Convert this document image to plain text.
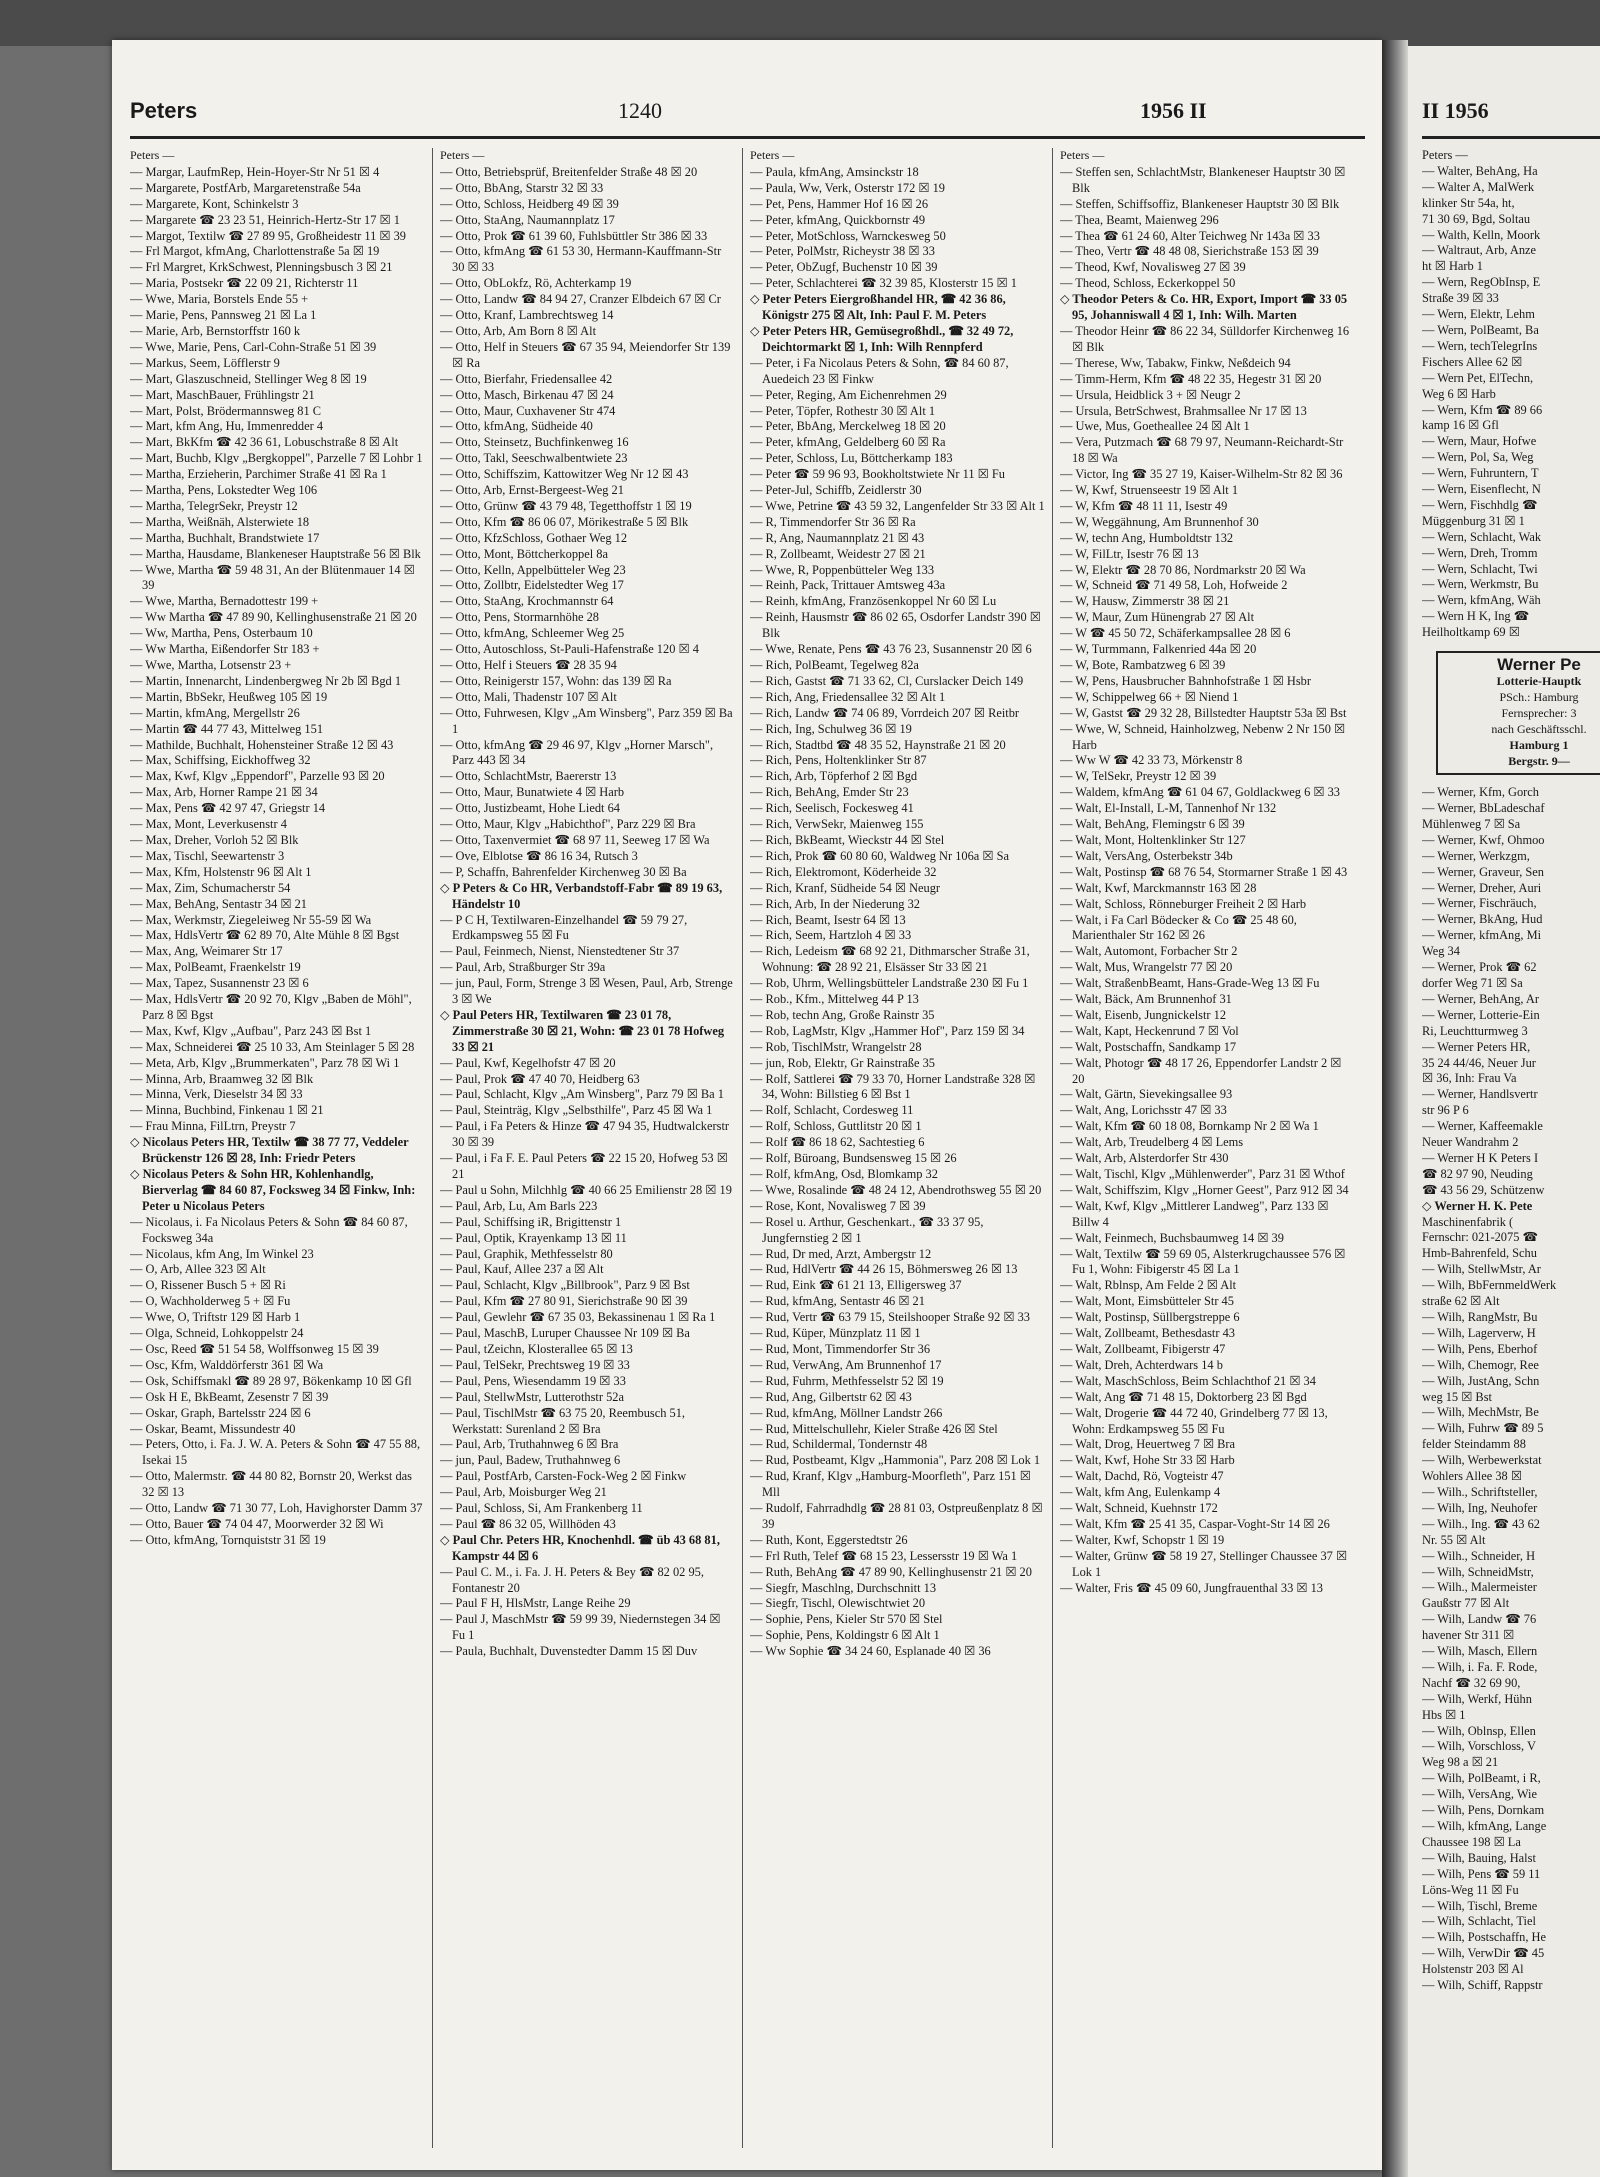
Peters	1240	1956 II
Peters —

— Margar, LaufmRep, Hein-Hoyer-Str Nr 51 ☒ 4

— Margarete, PostfArb, Margaretenstraße 54a

— Margarete, Kont, Schinkelstr 3

— Margarete ☎ 23 23 51, Heinrich-Hertz-Str 17 ☒ 1

— Margot, Textilw ☎ 27 89 95, Großheidestr 11 ☒ 39

— Frl Margot, kfmAng, Charlottenstraße 5a ☒ 19

— Frl Margret, KrkSchwest, Plenningsbusch 3 ☒ 21

— Maria, Postsekr ☎ 22 09 21, Richterstr 11

— Wwe, Maria, Borstels Ende 55 +

— Marie, Pens, Pannsweg 21 ☒ La 1

— Marie, Arb, Bernstorffstr 160 k

— Wwe, Marie, Pens, Carl-Cohn-Straße 51 ☒ 39

— Markus, Seem, Löfflerstr 9

— Mart, Glaszuschneid, Stellinger Weg 8 ☒ 19

— Mart, MaschBauer, Frühlingstr 21

— Mart, Polst, Brödermannsweg 81 C

— Mart, kfm Ang, Hu, Immenredder 4

— Mart, BkKfm ☎ 42 36 61, Lobuschstraße 8 ☒ Alt

— Mart, Buchb, Klgv „Bergkoppel", Parzelle 7 ☒ Lohbr 1

— Martha, Erzieherin, Parchimer Straße 41 ☒ Ra 1

— Martha, Pens, Lokstedter Weg 106

— Martha, TelegrSekr, Preystr 12

— Martha, Weißnäh, Alsterwiete 18

— Martha, Buchhalt, Brandstwiete 17

— Martha, Hausdame, Blankeneser Hauptstraße 56 ☒ Blk

— Wwe, Martha ☎ 59 48 31, An der Blütenmauer 14 ☒ 39

— Wwe, Martha, Bernadottestr 199 +

— Ww Martha ☎ 47 89 90, Kellinghusenstraße 21 ☒ 20

— Ww, Martha, Pens, Osterbaum 10

— Ww Martha, Eißendorfer Str 183 +

— Wwe, Martha, Lotsenstr 23 +

— Martin, Innenarcht, Lindenbergweg Nr 2b ☒ Bgd 1

— Martin, BbSekr, Heußweg 105 ☒ 19

— Martin, kfmAng, Mergellstr 26

— Martin ☎ 44 77 43, Mittelweg 151

— Mathilde, Buchhalt, Hohensteiner Straße 12 ☒ 43

— Max, Schiffsing, Eickhoffweg 32

— Max, Kwf, Klgv „Eppendorf", Parzelle 93 ☒ 20

— Max, Arb, Horner Rampe 21 ☒ 34

— Max, Pens ☎ 42 97 47, Griegstr 14

— Max, Mont, Leverkusenstr 4

— Max, Dreher, Vorloh 52 ☒ Blk

— Max, Tischl, Seewartenstr 3

— Max, Kfm, Holstenstr 96 ☒ Alt 1

— Max, Zim, Schumacherstr 54

— Max, BehAng, Sentastr 34 ☒ 21

— Max, Werkmstr, Ziegeleiweg Nr 55-59 ☒ Wa

— Max, HdlsVertr ☎ 62 89 70, Alte Mühle 8 ☒ Bgst

— Max, Ang, Weimarer Str 17

— Max, PolBeamt, Fraenkelstr 19

— Max, Tapez, Susannenstr 23 ☒ 6

— Max, HdlsVertr ☎ 20 92 70, Klgv „Baben de Möhl", Parz 8 ☒ Bgst

— Max, Kwf, Klgv „Aufbau", Parz 243 ☒ Bst 1

— Max, Schneiderei ☎ 25 10 33, Am Steinlager 5 ☒ 28

— Meta, Arb, Klgv „Brummerkaten", Parz 78 ☒ Wi 1

— Minna, Arb, Braamweg 32 ☒ Blk

— Minna, Verk, Dieselstr 34 ☒ 33

— Minna, Buchbind, Finkenau 1 ☒ 21

— Frau Minna, FilLtrn, Preystr 7

◇ Nicolaus Peters HR, Textilw ☎ 38 77 77, Veddeler Brückenstr 126 ☒ 28, Inh: Friedr Peters

◇ Nicolaus Peters & Sohn HR, Kohlenhandlg, Bierverlag ☎ 84 60 87, Focksweg 34 ☒ Finkw, Inh: Peter u Nicolaus Peters

— Nicolaus, i. Fa Nicolaus Peters & Sohn ☎ 84 60 87, Focksweg 34a

— Nicolaus, kfm Ang, Im Winkel 23

— O, Arb, Allee 323 ☒ Alt

— O, Rissener Busch 5 + ☒ Ri

— O, Wachholderweg 5 + ☒ Fu

— Wwe, O, Triftstr 129 ☒ Harb 1

— Olga, Schneid, Lohkoppelstr 24

— Osc, Reed ☎ 51 54 58, Wolffsonweg 15 ☒ 39

— Osc, Kfm, Walddörferstr 361 ☒ Wa

— Osk, Schiffsmakl ☎ 89 28 97, Bökenkamp 10 ☒ Gfl

— Osk H E, BkBeamt, Zesenstr 7 ☒ 39

— Oskar, Graph, Bartelsstr 224 ☒ 6

— Oskar, Beamt, Missundestr 40

— Peters, Otto, i. Fa. J. W. A. Peters & Sohn ☎ 47 55 88, Isekai 15

— Otto, Malermstr. ☎ 44 80 82, Bornstr 20, Werkst das 32 ☒ 13

— Otto, Landw ☎ 71 30 77, Loh, Havighorster Damm 37

— Otto, Bauer ☎ 74 04 47, Moorwerder 32 ☒ Wi

— Otto, kfmAng, Tornquiststr 31 ☒ 19

Peters —

— Otto, Betriebsprüf, Breitenfelder Straße 48 ☒ 20

— Otto, BbAng, Starstr 32 ☒ 33

— Otto, Schloss, Heidberg 49 ☒ 39

— Otto, StaAng, Naumannplatz 17

— Otto, Prok ☎ 61 39 60, Fuhlsbüttler Str 386 ☒ 33

— Otto, kfmAng ☎ 61 53 30, Hermann-Kauffmann-Str 30 ☒ 33

— Otto, ObLokfz, Rö, Achterkamp 19

— Otto, Landw ☎ 84 94 27, Cranzer Elbdeich 67 ☒ Cr

— Otto, Kranf, Lambrechtsweg 14

— Otto, Arb, Am Born 8 ☒ Alt

— Otto, Helf in Steuers ☎ 67 35 94, Meiendorfer Str 139 ☒ Ra

— Otto, Bierfahr, Friedensallee 42

— Otto, Masch, Birkenau 47 ☒ 24

— Otto, Maur, Cuxhavener Str 474

— Otto, kfmAng, Südheide 40

— Otto, Steinsetz, Buchfinkenweg 16

— Otto, Takl, Seeschwalbentwiete 23

— Otto, Schiffszim, Kattowitzer Weg Nr 12 ☒ 43

— Otto, Arb, Ernst-Bergeest-Weg 21

— Otto, Grünw ☎ 43 79 48, Tegetthoffstr 1 ☒ 19

— Otto, Kfm ☎ 86 06 07, Mörikestraße 5 ☒ Blk

— Otto, KfzSchloss, Gothaer Weg 12

— Otto, Mont, Böttcherkoppel 8a

— Otto, Kelln, Appelbütteler Weg 23

— Otto, Zollbtr, Eidelstedter Weg 17

— Otto, StaAng, Krochmannstr 64

— Otto, Pens, Stormarnhöhe 28

— Otto, kfmAng, Schleemer Weg 25

— Otto, Autoschloss, St-Pauli-Hafenstraße 120 ☒ 4

— Otto, Helf i Steuers ☎ 28 35 94

— Otto, Reinigerstr 157, Wohn: das 139 ☒ Ra

— Otto, Mali, Thadenstr 107 ☒ Alt

— Otto, Fuhrwesen, Klgv „Am Winsberg", Parz 359 ☒ Ba 1

— Otto, kfmAng ☎ 29 46 97, Klgv „Horner Marsch", Parz 443 ☒ 34

— Otto, SchlachtMstr, Baererstr 13

— Otto, Maur, Bunatwiete 4 ☒ Harb

— Otto, Justizbeamt, Hohe Liedt 64

— Otto, Maur, Klgv „Habichthof", Parz 229 ☒ Bra

— Otto, Taxenvermiet ☎ 68 97 11, Seeweg 17 ☒ Wa

— Ove, Elblotse ☎ 86 16 34, Rutsch 3

— P, Schaffn, Bahrenfelder Kirchenweg 30 ☒ Ba

◇ P Peters & Co HR, Verbandstoff-Fabr ☎ 89 19 63, Händelstr 10

— P C H, Textilwaren-Einzelhandel ☎ 59 79 27, Erdkampsweg 55 ☒ Fu

— Paul, Feinmech, Nienst, Nienstedtener Str 37

— Paul, Arb, Straßburger Str 39a

— jun, Paul, Form, Strenge 3 ☒ Wesen, Paul, Arb, Strenge 3 ☒ We

◇ Paul Peters HR, Textilwaren ☎ 23 01 78, Zimmerstraße 30 ☒ 21, Wohn: ☎ 23 01 78 Hofweg 33 ☒ 21

— Paul, Kwf, Kegelhofstr 47 ☒ 20

— Paul, Prok ☎ 47 40 70, Heidberg 63

— Paul, Schlacht, Klgv „Am Winsberg", Parz 79 ☒ Ba 1

— Paul, Steinträg, Klgv „Selbsthilfe", Parz 45 ☒ Wa 1

— Paul, i Fa Peters & Hinze ☎ 47 94 35, Hudtwalckerstr 30 ☒ 39

— Paul, i Fa F. E. Paul Peters ☎ 22 15 20, Hofweg 53 ☒ 21

— Paul u Sohn, Milchhlg ☎ 40 66 25 Emilienstr 28 ☒ 19

— Paul, Arb, Lu, Am Barls 223

— Paul, Schiffsing iR, Brigittenstr 1

— Paul, Optik, Krayenkamp 13 ☒ 11

— Paul, Graphik, Methfesselstr 80

— Paul, Kauf, Allee 237 a ☒ Alt

— Paul, Schlacht, Klgv „Billbrook", Parz 9 ☒ Bst

— Paul, Kfm ☎ 27 80 91, Sierichstraße 90 ☒ 39

— Paul, Gewlehr ☎ 67 35 03, Bekassinenau 1 ☒ Ra 1

— Paul, MaschB, Luruper Chaussee Nr 109 ☒ Ba

— Paul, tZeichn, Klosterallee 65 ☒ 13

— Paul, TelSekr, Prechtsweg 19 ☒ 33

— Paul, Pens, Wiesendamm 19 ☒ 33

— Paul, StellwMstr, Lutterothstr 52a

— Paul, TischlMstr ☎ 63 75 20, Reembusch 51, Werkstatt: Surenland 2 ☒ Bra

— Paul, Arb, Truthahnweg 6 ☒ Bra

— jun, Paul, Badew, Truthahnweg 6

— Paul, PostfArb, Carsten-Fock-Weg 2 ☒ Finkw

— Paul, Arb, Moisburger Weg 21

— Paul, Schloss, Si, Am Frankenberg 11

— Paul ☎ 86 32 05, Willhöden 43

◇ Paul Chr. Peters HR, Knochenhdl. ☎ üb 43 68 81, Kampstr 44 ☒ 6

— Paul C. M., i. Fa. J. H. Peters & Bey ☎ 82 02 95, Fontanestr 20

— Paul F H, HlsMstr, Lange Reihe 29

— Paul J, MaschMstr ☎ 59 99 39, Niedernstegen 34 ☒ Fu 1

— Paula, Buchhalt, Duvenstedter Damm 15 ☒ Duv

Peters —

— Paula, kfmAng, Amsinckstr 18

— Paula, Ww, Verk, Osterstr 172 ☒ 19

— Pet, Pens, Hammer Hof 16 ☒ 26

— Peter, kfmAng, Quickbornstr 49

— Peter, MotSchloss, Warnckesweg 50

— Peter, PolMstr, Richeystr 38 ☒ 33

— Peter, ObZugf, Buchenstr 10 ☒ 39

— Peter, Schlachterei ☎ 32 39 85, Klosterstr 15 ☒ 1

◇ Peter Peters Eiergroßhandel HR, ☎ 42 36 86, Königstr 275 ☒ Alt, Inh: Paul F. M. Peters

◇ Peter Peters HR, Gemüsegroßhdl., ☎ 32 49 72, Deichtormarkt ☒ 1, Inh: Wilh Rennpferd

— Peter, i Fa Nicolaus Peters & Sohn, ☎ 84 60 87, Auedeich 23 ☒ Finkw

— Peter, Reging, Am Eichenrehmen 29

— Peter, Töpfer, Rothestr 30 ☒ Alt 1

— Peter, BbAng, Merckelweg 18 ☒ 20

— Peter, kfmAng, Geldelberg 60 ☒ Ra

— Peter, Schloss, Lu, Böttcherkamp 183

— Peter ☎ 59 96 93, Bookholtstwiete Nr 11 ☒ Fu

— Peter-Jul, Schiffb, Zeidlerstr 30

— Wwe, Petrine ☎ 43 59 32, Langenfelder Str 33 ☒ Alt 1

— R, Timmendorfer Str 36 ☒ Ra

— R, Ang, Naumannplatz 21 ☒ 43

— R, Zollbeamt, Weidestr 27 ☒ 21

— Wwe, R, Poppenbütteler Weg 133

— Reinh, Pack, Trittauer Amtsweg 43a

— Reinh, kfmAng, Französenkoppel Nr 60 ☒ Lu

— Reinh, Hausmstr ☎ 86 02 65, Osdorfer Landstr 390 ☒ Blk

— Wwe, Renate, Pens ☎ 43 76 23, Susannenstr 20 ☒ 6

— Rich, PolBeamt, Tegelweg 82a

— Rich, Gastst ☎ 71 33 62, Cl, Curslacker Deich 149

— Rich, Ang, Friedensallee 32 ☒ Alt 1

— Rich, Landw ☎ 74 06 89, Vorrdeich 207 ☒ Reitbr

— Rich, Ing, Schulweg 36 ☒ 19

— Rich, Stadtbd ☎ 48 35 52, Haynstraße 21 ☒ 20

— Rich, Pens, Holtenklinker Str 87

— Rich, Arb, Töpferhof 2 ☒ Bgd

— Rich, BehAng, Emder Str 23

— Rich, Seelisch, Fockesweg 41

— Rich, VerwSekr, Maienweg 155

— Rich, BkBeamt, Wieckstr 44 ☒ Stel

— Rich, Prok ☎ 60 80 60, Waldweg Nr 106a ☒ Sa

— Rich, Elektromont, Köderheide 32

— Rich, Kranf, Südheide 54 ☒ Neugr

— Rich, Arb, In der Niederung 32

— Rich, Beamt, Isestr 64 ☒ 13

— Rich, Seem, Hartzloh 4 ☒ 33

— Rich, Ledeism ☎ 68 92 21, Dithmarscher Straße 31, Wohnung: ☎ 28 92 21, Elsässer Str 33 ☒ 21

— Rob, Uhrm, Wellingsbütteler Landstraße 230 ☒ Fu 1

— Rob., Kfm., Mittelweg 44 P 13

— Rob, techn Ang, Große Rainstr 35

— Rob, LagMstr, Klgv „Hammer Hof", Parz 159 ☒ 34

— Rob, TischlMstr, Wrangelstr 28

— jun, Rob, Elektr, Gr Rainstraße 35

— Rolf, Sattlerei ☎ 79 33 70, Horner Landstraße 328 ☒ 34, Wohn: Billstieg 6 ☒ Bst 1

— Rolf, Schlacht, Cordesweg 11

— Rolf, Schloss, Guttlitstr 20 ☒ 1

— Rolf ☎ 86 18 62, Sachtestieg 6

— Rolf, Büroang, Bundsensweg 15 ☒ 26

— Rolf, kfmAng, Osd, Blomkamp 32

— Wwe, Rosalinde ☎ 48 24 12, Abendrothsweg 55 ☒ 20

— Rose, Kont, Novalisweg 7 ☒ 39

— Rosel u. Arthur, Geschenkart., ☎ 33 37 95, Jungfernstieg 2 ☒ 1

— Rud, Dr med, Arzt, Ambergstr 12

— Rud, HdlVertr ☎ 44 26 15, Böhmersweg 26 ☒ 13

— Rud, Eink ☎ 61 21 13, Elligersweg 37

— Rud, kfmAng, Sentastr 46 ☒ 21

— Rud, Vertr ☎ 63 79 15, Steilshooper Straße 92 ☒ 33

— Rud, Küper, Münzplatz 11 ☒ 1

— Rud, Mont, Timmendorfer Str 36

— Rud, VerwAng, Am Brunnenhof 17

— Rud, Fuhrm, Methfesselstr 52 ☒ 19

— Rud, Ang, Gilbertstr 62 ☒ 43

— Rud, kfmAng, Möllner Landstr 266

— Rud, Mittelschullehr, Kieler Straße 426 ☒ Stel

— Rud, Schildermal, Tondernstr 48

— Rud, Postbeamt, Klgv „Hammonia", Parz 208 ☒ Lok 1

— Rud, Kranf, Klgv „Hamburg-Moorfleth", Parz 151 ☒ Mll

— Rudolf, Fahrradhdlg ☎ 28 81 03, Ostpreußenplatz 8 ☒ 39

— Ruth, Kont, Eggerstedtstr 26

— Frl Ruth, Telef ☎ 68 15 23, Lessersstr 19 ☒ Wa 1

— Ruth, BehAng ☎ 47 89 90, Kellinghusenstr 21 ☒ 20

— Siegfr, Maschlng, Durchschnitt 13

— Siegfr, Tischl, Olewischtwiet 20

— Sophie, Pens, Kieler Str 570 ☒ Stel

— Sophie, Pens, Koldingstr 6 ☒ Alt 1

— Ww Sophie ☎ 34 24 60, Esplanade 40 ☒ 36

Peters —

— Steffen sen, SchlachtMstr, Blankeneser Hauptstr 30 ☒ Blk

— Steffen, Schiffsoffiz, Blankeneser Hauptstr 30 ☒ Blk

— Thea, Beamt, Maienweg 296

— Thea ☎ 61 24 60, Alter Teichweg Nr 143a ☒ 33

— Theo, Vertr ☎ 48 48 08, Sierichstraße 153 ☒ 39

— Theod, Kwf, Novalisweg 27 ☒ 39

— Theod, Schloss, Eckerkoppel 50

◇ Theodor Peters & Co. HR, Export, Import ☎ 33 05 95, Johanniswall 4 ☒ 1, Inh: Wilh. Marten

— Theodor Heinr ☎ 86 22 34, Sülldorfer Kirchenweg 16 ☒ Blk

— Therese, Ww, Tabakw, Finkw, Neßdeich 94

— Timm-Herm, Kfm ☎ 48 22 35, Hegestr 31 ☒ 20

— Ursula, Heidblick 3 + ☒ Neugr 2

— Ursula, BetrSchwest, Brahmsallee Nr 17 ☒ 13

— Uwe, Mus, Goetheallee 24 ☒ Alt 1

— Vera, Putzmach ☎ 68 79 97, Neumann-Reichardt-Str 18 ☒ Wa

— Victor, Ing ☎ 35 27 19, Kaiser-Wilhelm-Str 82 ☒ 36

— W, Kwf, Struenseestr 19 ☒ Alt 1

— W, Kfm ☎ 48 11 11, Isestr 49

— W, Weggähnung, Am Brunnenhof 30

— W, techn Ang, Humboldtstr 132

— W, FilLtr, Isestr 76 ☒ 13

— W, Elektr ☎ 28 70 86, Nordmarkstr 20 ☒ Wa

— W, Schneid ☎ 71 49 58, Loh, Hofweide 2

— W, Hausw, Zimmerstr 38 ☒ 21

— W, Maur, Zum Hünengrab 27 ☒ Alt

— W ☎ 45 50 72, Schäferkampsallee 28 ☒ 6

— W, Turmmann, Falkenried 44a ☒ 20

— W, Bote, Rambatzweg 6 ☒ 39

— W, Pens, Hausbrucher Bahnhofstraße 1 ☒ Hsbr

— W, Schippelweg 66 + ☒ Niend 1

— W, Gastst ☎ 29 32 28, Billstedter Hauptstr 53a ☒ Bst

— Wwe, W, Schneid, Hainholzweg, Nebenw 2 Nr 150 ☒ Harb

— Ww W ☎ 42 33 73, Mörkenstr 8

— W, TelSekr, Preystr 12 ☒ 39

— Waldem, kfmAng ☎ 61 04 67, Goldlackweg 6 ☒ 33

— Walt, El-Install, L-M, Tannenhof Nr 132

— Walt, BehAng, Flemingstr 6 ☒ 39

— Walt, Mont, Holtenklinker Str 127

— Walt, VersAng, Osterbekstr 34b

— Walt, Postinsp ☎ 68 76 54, Stormarner Straße 1 ☒ 43

— Walt, Kwf, Marckmannstr 163 ☒ 28

— Walt, Schloss, Rönneburger Freiheit 2 ☒ Harb

— Walt, i Fa Carl Bödecker & Co ☎ 25 48 60, Marienthaler Str 162 ☒ 26

— Walt, Automont, Forbacher Str 2

— Walt, Mus, Wrangelstr 77 ☒ 20

— Walt, StraßenbBeamt, Hans-Grade-Weg 13 ☒ Fu

— Walt, Bäck, Am Brunnenhof 31

— Walt, Eisenb, Jungnickelstr 12

— Walt, Kapt, Heckenrund 7 ☒ Vol

— Walt, Postschaffn, Sandkamp 17

— Walt, Photogr ☎ 48 17 26, Eppendorfer Landstr 2 ☒ 20

— Walt, Gärtn, Sievekingsallee 93

— Walt, Ang, Lorichsstr 47 ☒ 33

— Walt, Kfm ☎ 60 18 08, Bornkamp Nr 2 ☒ Wa 1

— Walt, Arb, Treudelberg 4 ☒ Lems

— Walt, Arb, Alsterdorfer Str 430

— Walt, Tischl, Klgv „Mühlenwerder", Parz 31 ☒ Wthof

— Walt, Schiffszim, Klgv „Horner Geest", Parz 912 ☒ 34

— Walt, Kwf, Klgv „Mittlerer Landweg", Parz 133 ☒ Billw 4

— Walt, Feinmech, Buchsbaumweg 14 ☒ 39

— Walt, Textilw ☎ 59 69 05, Alsterkrugchaussee 576 ☒ Fu 1, Wohn: Fibigerstr 45 ☒ La 1

— Walt, Rblnsp, Am Felde 2 ☒ Alt

— Walt, Mont, Eimsbütteler Str 45

— Walt, Postinsp, Süllbergstreppe 6

— Walt, Zollbeamt, Bethesdastr 43

— Walt, Zollbeamt, Fibigerstr 47

— Walt, Dreh, Achterdwars 14 b

— Walt, MaschSchloss, Beim Schlachthof 21 ☒ 34

— Walt, Ang ☎ 71 48 15, Doktorberg 23 ☒ Bgd

— Walt, Drogerie ☎ 44 72 40, Grindelberg 77 ☒ 13, Wohn: Erdkampsweg 55 ☒ Fu

— Walt, Drog, Heuertweg 7 ☒ Bra

— Walt, Kwf, Hohe Str 33 ☒ Harb

— Walt, Dachd, Rö, Vogteistr 47

— Walt, kfm Ang, Eulenkamp 4

— Walt, Schneid, Kuehnstr 172

— Walt, Kfm ☎ 25 41 35, Caspar-Voght-Str 14 ☒ 26

— Walter, Kwf, Schopstr 1 ☒ 19

— Walter, Grünw ☎ 58 19 27, Stellinger Chaussee 37 ☒ Lok 1

— Walter, Fris ☎ 45 09 60, Jungfrauenthal 33 ☒ 13

II 1956
Peters —
— Walter, BehAng, Ha
— Walter A, MalWerk
klinker Str 54a, ht,
71 30 69, Bgd, Soltau
— Walth, Kelln, Moork
— Waltraut, Arb, Anze
ht ☒ Harb 1
— Wern, RegObInsp, E
Straße 39 ☒ 33
— Wern, Elektr, Lehm
— Wern, PolBeamt, Ba
— Wern, techTelegrIns
Fischers Allee 62 ☒
— Wern Pet, ElTechn,
Weg 6 ☒ Harb
— Wern, Kfm ☎ 89 66
kamp 16 ☒ Gfl
— Wern, Maur, Hofwe
— Wern, Pol, Sa, Weg
— Wern, Fuhruntern, T
— Wern, Eisenflecht, N
— Wern, Fischhdlg ☎
Müggenburg 31 ☒ 1
— Wern, Schlacht, Wak
— Wern, Dreh, Tromm
— Wern, Schlacht, Twi
— Wern, Werkmstr, Bu
— Wern, kfmAng, Wäh
— Wern H K, Ing ☎
Heilholtkamp 69 ☒
Werner Pe
Lotterie-Hauptk
PSch.: Hamburg
Fernsprecher: 3
nach Geschäftsschl.
Hamburg 1
Bergstr. 9—
— Werner, Kfm, Gorch
— Werner, BbLadeschaf
Mühlenweg 7 ☒ Sa
— Werner, Kwf, Ohmoo
— Werner, Werkzgm,
— Werner, Graveur, Sen
— Werner, Dreher, Auri
— Werner, Fischräuch,
— Werner, BkAng, Hud
— Werner, kfmAng, Mi
Weg 34
— Werner, Prok ☎ 62
dorfer Weg 71 ☒ Sa
— Werner, BehAng, Ar
— Werner, Lotterie-Ein
Ri, Leuchtturmweg 3
— Werner Peters HR,
35 24 44/46, Neuer Jur
☒ 36, Inh: Frau Va
— Werner, Handlsvertr
str 96 P 6
— Werner, Kaffeemakle
Neuer Wandrahm 2
— Werner H K Peters I
☎ 82 97 90, Neuding
☎ 43 56 29, Schützenw
◇ Werner H. K. Pete
Maschinenfabrik (
Fernschr: 021-2075 ☎
Hmb-Bahrenfeld, Schu
— Wilh, StellwMstr, Ar
— Wilh, BbFernmeldWerk
straße 62 ☒ Alt
— Wilh, RangMstr, Bu
— Wilh, Lagerverw, H
— Wilh, Pens, Eberhof
— Wilh, Chemogr, Ree
— Wilh, JustAng, Schn
weg 15 ☒ Bst
— Wilh, MechMstr, Be
— Wilh, Fuhrw ☎ 89 5
felder Steindamm 88
— Wilh, Werbewerkstat
Wohlers Allee 38 ☒
— Wilh., Schriftsteller,
— Wilh, Ing, Neuhofer
— Wilh., Ing. ☎ 43 62
Nr. 55 ☒ Alt
— Wilh., Schneider, H
— Wilh, SchneidMstr,
— Wilh., Malermeister
Gaußstr 77 ☒ Alt
— Wilh, Landw ☎ 76
havener Str 311 ☒
— Wilh, Masch, Ellern
— Wilh, i. Fa. F. Rode,
Nachf ☎ 32 69 90,
— Wilh, Werkf, Hühn
Hbs ☒ 1
— Wilh, Oblnsp, Ellen
— Wilh, Vorschloss, V
Weg 98 a ☒ 21
— Wilh, PolBeamt, i R,
— Wilh, VersAng, Wie
— Wilh, Pens, Dornkam
— Wilh, kfmAng, Lange
Chaussee 198 ☒ La
— Wilh, Bauing, Halst
— Wilh, Pens ☎ 59 11
Löns-Weg 11 ☒ Fu
— Wilh, Tischl, Breme
— Wilh, Schlacht, Tiel
— Wilh, Postschaffn, He
— Wilh, VerwDir ☎ 45
Holstenstr 203 ☒ Al
— Wilh, Schiff, Rappstr
